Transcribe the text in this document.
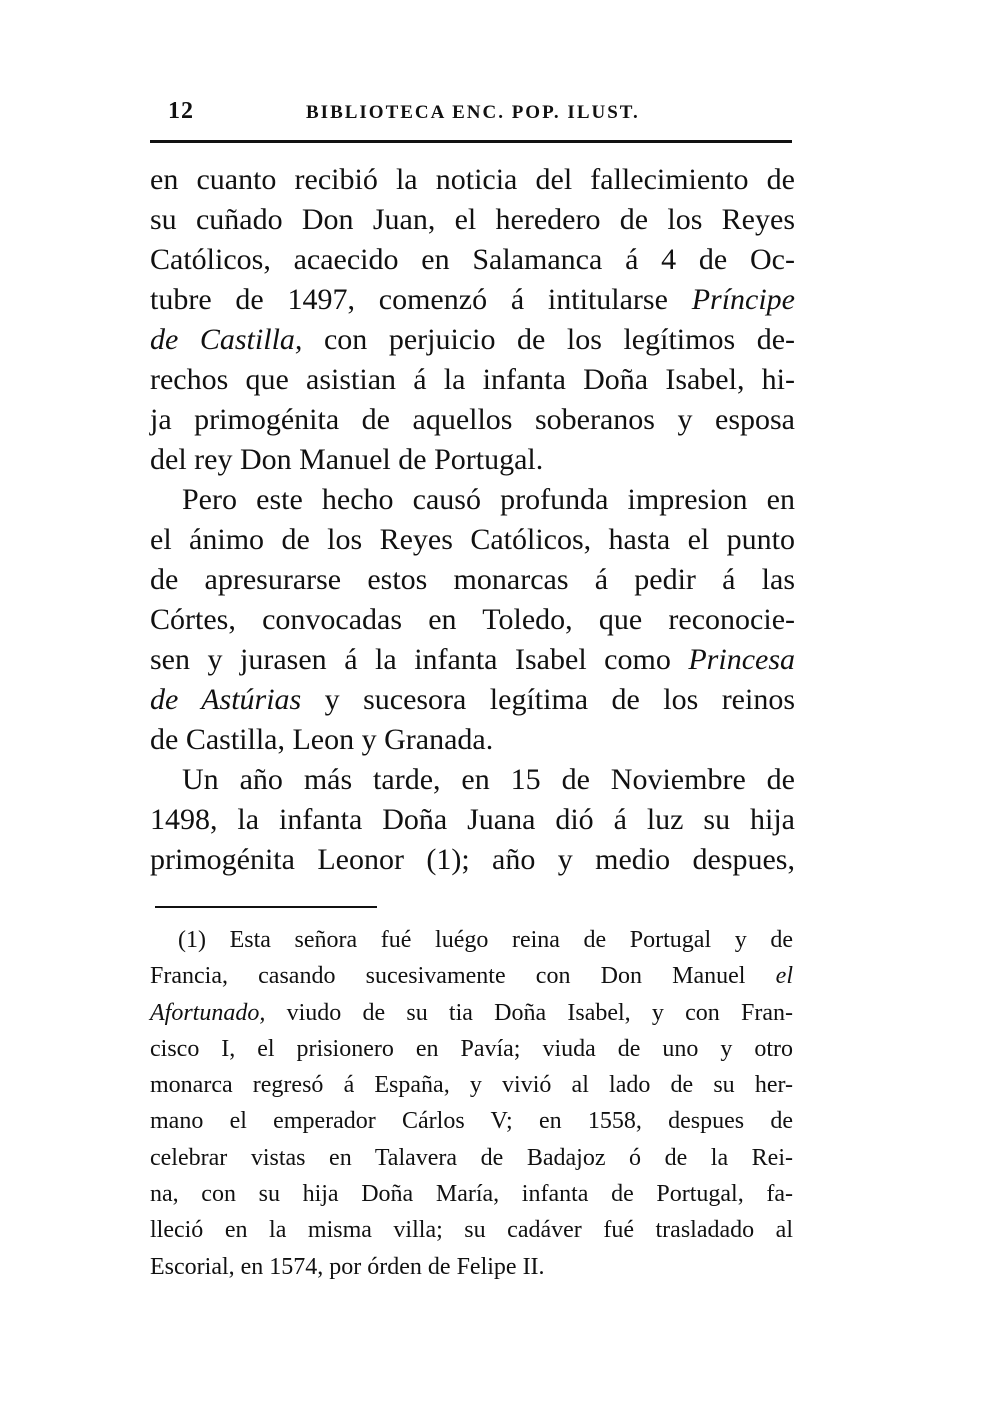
12	BIBLIOTECA ENC. POP. ILUST.
en cuanto recibió la noticia del fallecimiento de
su cuñado Don Juan, el heredero de los Reyes
Católicos, acaecido en Salamanca á 4 de Oc-
tubre de 1497, comenzó á intitularse Príncipe
de Castilla, con perjuicio de los legítimos de-
rechos que asistian á la infanta Doña Isabel, hi-
ja primogénita de aquellos soberanos y esposa
del rey Don Manuel de Portugal.
Pero este hecho causó profunda impresion en
el ánimo de los Reyes Católicos, hasta el punto
de apresurarse estos monarcas á pedir á las
Córtes, convocadas en Toledo, que reconocie-
sen y jurasen á la infanta Isabel como Princesa
de Astúrias y sucesora legítima de los reinos
de Castilla, Leon y Granada.
Un año más tarde, en 15 de Noviembre de
1498, la infanta Doña Juana dió á luz su hija
primogénita Leonor (1); año y medio despues,
(1) Esta señora fué luégo reina de Portugal y de
Francia, casando sucesivamente con Don Manuel el
Afortunado, viudo de su tia Doña Isabel, y con Fran-
cisco I, el prisionero en Pavía; viuda de uno y otro
monarca regresó á España, y vivió al lado de su her-
mano el emperador Cárlos V; en 1558, despues de
celebrar vistas en Talavera de Badajoz ó de la Rei-
na, con su hija Doña María, infanta de Portugal, fa-
lleció en la misma villa; su cadáver fué trasladado al
Escorial, en 1574, por órden de Felipe II.
